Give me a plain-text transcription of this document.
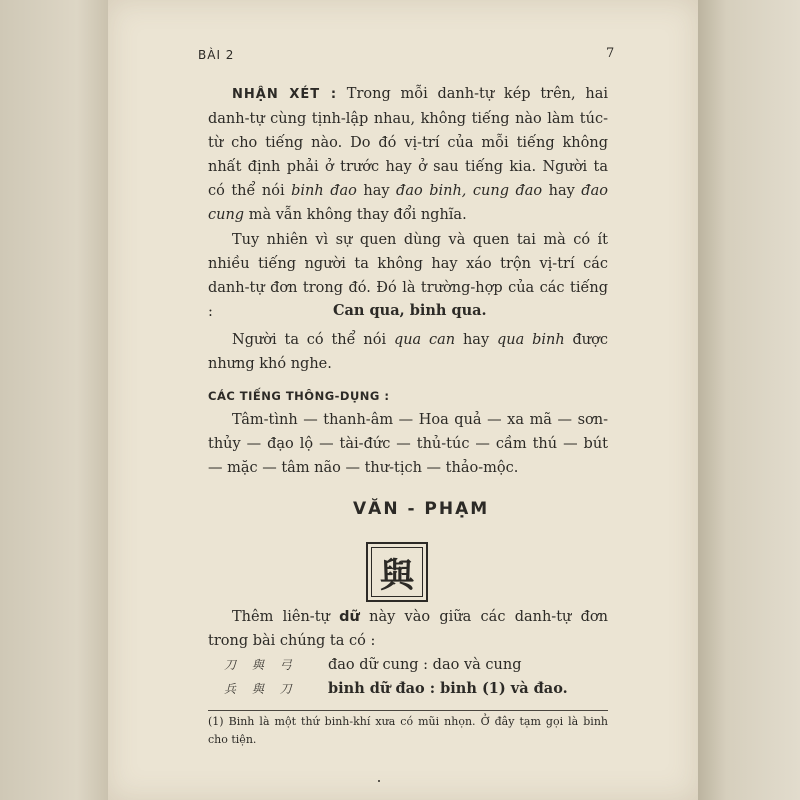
BÀI 2	7

NHẬN XÉT : Trong mỗi danh-tự kép trên, hai danh-tự cùng tịnh-lập nhau, không tiếng nào làm túc-từ cho tiếng nào. Do đó vị-trí của mỗi tiếng không nhất định phải ở trước hay ở sau tiếng kia. Người ta có thể nói binh đao hay đao binh, cung đao hay đao cung mà vẫn không thay đổi nghĩa.

Tuy nhiên vì sự quen dùng và quen tai mà có ít nhiều tiếng người ta không hay xáo trộn vị-trí các danh-tự đơn trong đó. Đó là trường-hợp của các tiếng :	Can qua, binh qua.

Người ta có thể nói qua can hay qua binh được nhưng khó nghe.

CÁC TIẾNG THÔNG-DỤNG :

Tâm-tình — thanh-âm — Hoa quả — xa mã — sơn-thủy — đạo lộ — tài-đức — thủ-túc — cầm thú — bút — mặc — tâm não — thư-tịch — thảo-mộc.

VĂN - PHẠM
與

Thêm liên-tự dữ này vào giữa các danh-tự đơn trong bài chúng ta có :

刀 與 弓 đao dữ cung : dao và cung
兵 與 刀 binh dữ đao : binh (1) và đao.
(1) Binh là một thứ binh-khí xưa có mũi nhọn. Ở đây tạm gọi là binh cho tiện.
